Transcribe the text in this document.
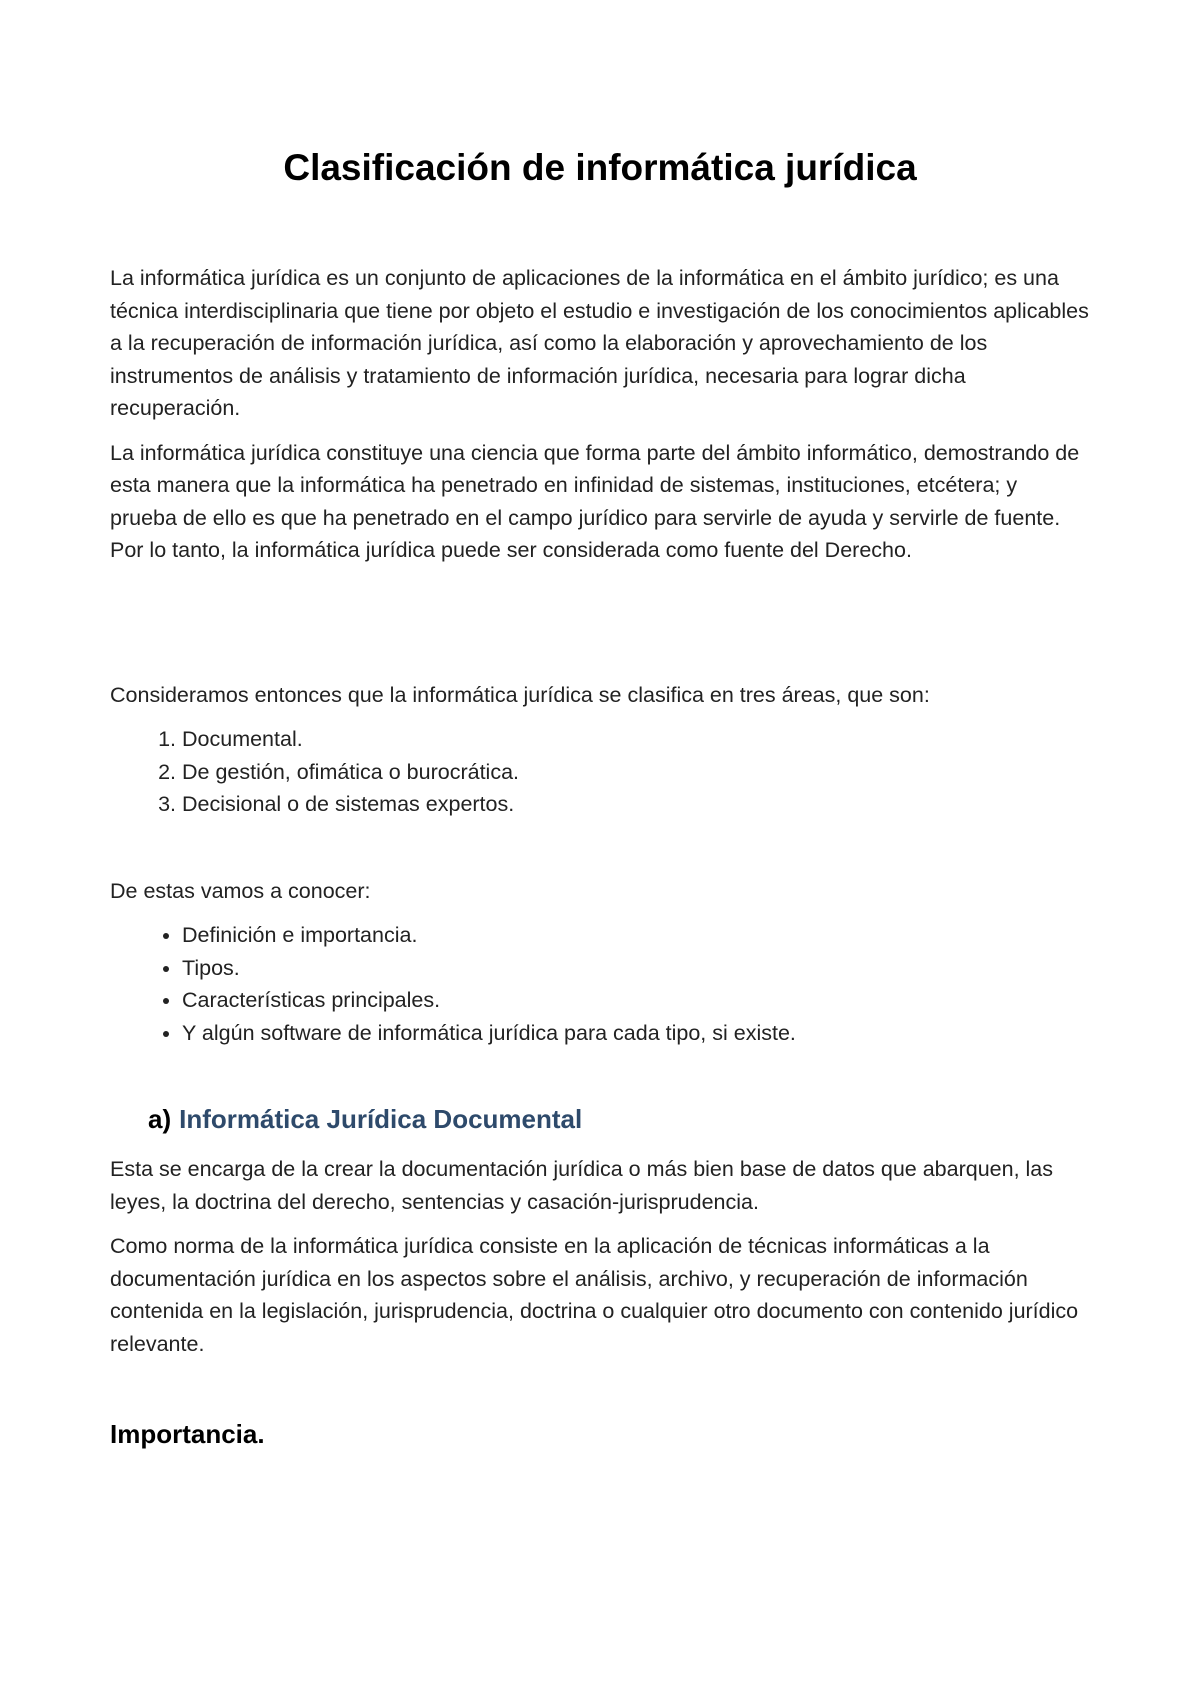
Clasificación de informática jurídica

La informática jurídica es un conjunto de aplicaciones de la informática en el ámbito jurídico; es una técnica interdisciplinaria que tiene por objeto el estudio e investigación de los conocimientos aplicables a la recuperación de información jurídica, así como la elaboración y aprovechamiento de los instrumentos de análisis y tratamiento de información jurídica, necesaria para lograr dicha recuperación.

La informática jurídica constituye una ciencia que forma parte del ámbito informático, demostrando de esta manera que la informática ha penetrado en infinidad de sistemas, instituciones, etcétera; y prueba de ello es que ha penetrado en el campo jurídico para servirle de ayuda y servirle de fuente. Por lo tanto, la informática jurídica puede ser considerada como fuente del Derecho.

Consideramos entonces que la informática jurídica se clasifica en tres áreas, que son:

1. Documental.
2. De gestión, ofimática o burocrática.
3. Decisional o de sistemas expertos.

De estas vamos a conocer:

• Definición e importancia.
• Tipos.
• Características principales.
• Y algún software de informática jurídica para cada tipo, si existe.
a) Informática Jurídica Documental

Esta se encarga de la crear la documentación jurídica o más bien base de datos que abarquen, las leyes, la doctrina del derecho, sentencias y casación-jurisprudencia.

Como norma de la informática jurídica consiste en la aplicación de técnicas informáticas a la documentación jurídica en los aspectos sobre el análisis, archivo, y recuperación de información contenida en la legislación, jurisprudencia, doctrina o cualquier otro documento con contenido jurídico relevante.

Importancia.
